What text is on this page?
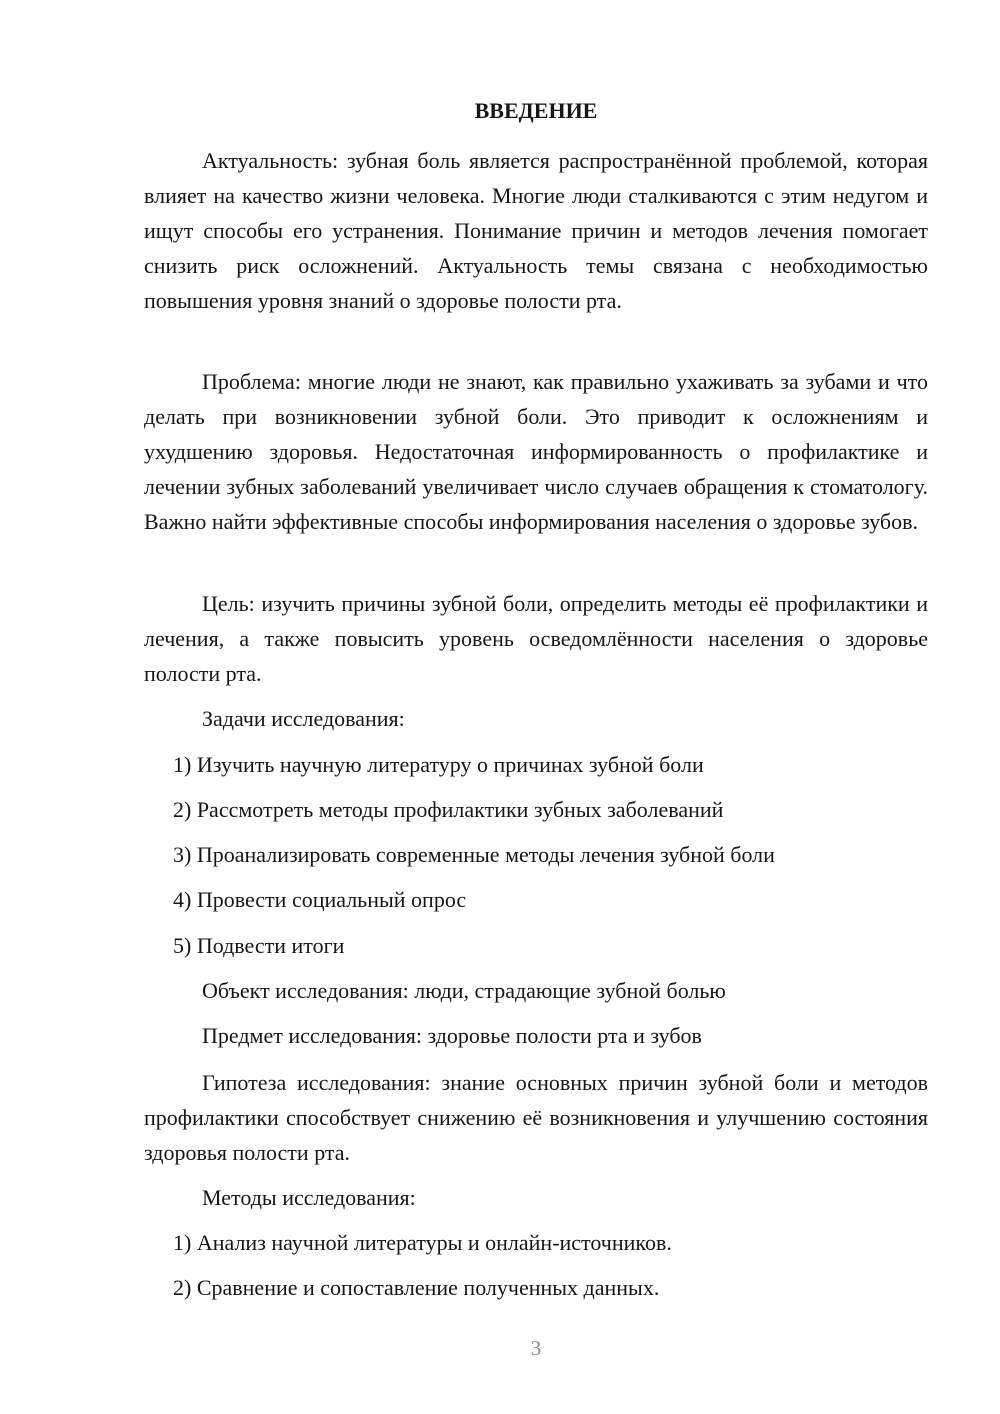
ВВЕДЕНИЕ
Актуальность: зубная боль является распространённой проблемой, которая влияет на качество жизни человека. Многие люди сталкиваются с этим недугом и ищут способы его устранения. Понимание причин и методов лечения помогает снизить риск осложнений. Актуальность темы связана с необходимостью повышения уровня знаний о здоровье полости рта.
Проблема: многие люди не знают, как правильно ухаживать за зубами и что делать при возникновении зубной боли. Это приводит к осложнениям и ухудшению здоровья. Недостаточная информированность о профилактике и лечении зубных заболеваний увеличивает число случаев обращения к стоматологу. Важно найти эффективные способы информирования населения о здоровье зубов.
Цель: изучить причины зубной боли, определить методы её профилактики и лечения, а также повысить уровень осведомлённости населения о здоровье полости рта.
Задачи исследования:
1) Изучить научную литературу о причинах зубной боли
2) Рассмотреть методы профилактики зубных заболеваний
3) Проанализировать современные методы лечения зубной боли
4) Провести социальный опрос
5) Подвести итоги
Объект исследования: люди, страдающие зубной болью
Предмет исследования: здоровье полости рта и зубов
Гипотеза исследования: знание основных причин зубной боли и методов профилактики способствует снижению её возникновения и улучшению состояния здоровья полости рта.
Методы исследования:
1) Анализ научной литературы и онлайн-источников.
2) Сравнение и сопоставление полученных данных.
3
